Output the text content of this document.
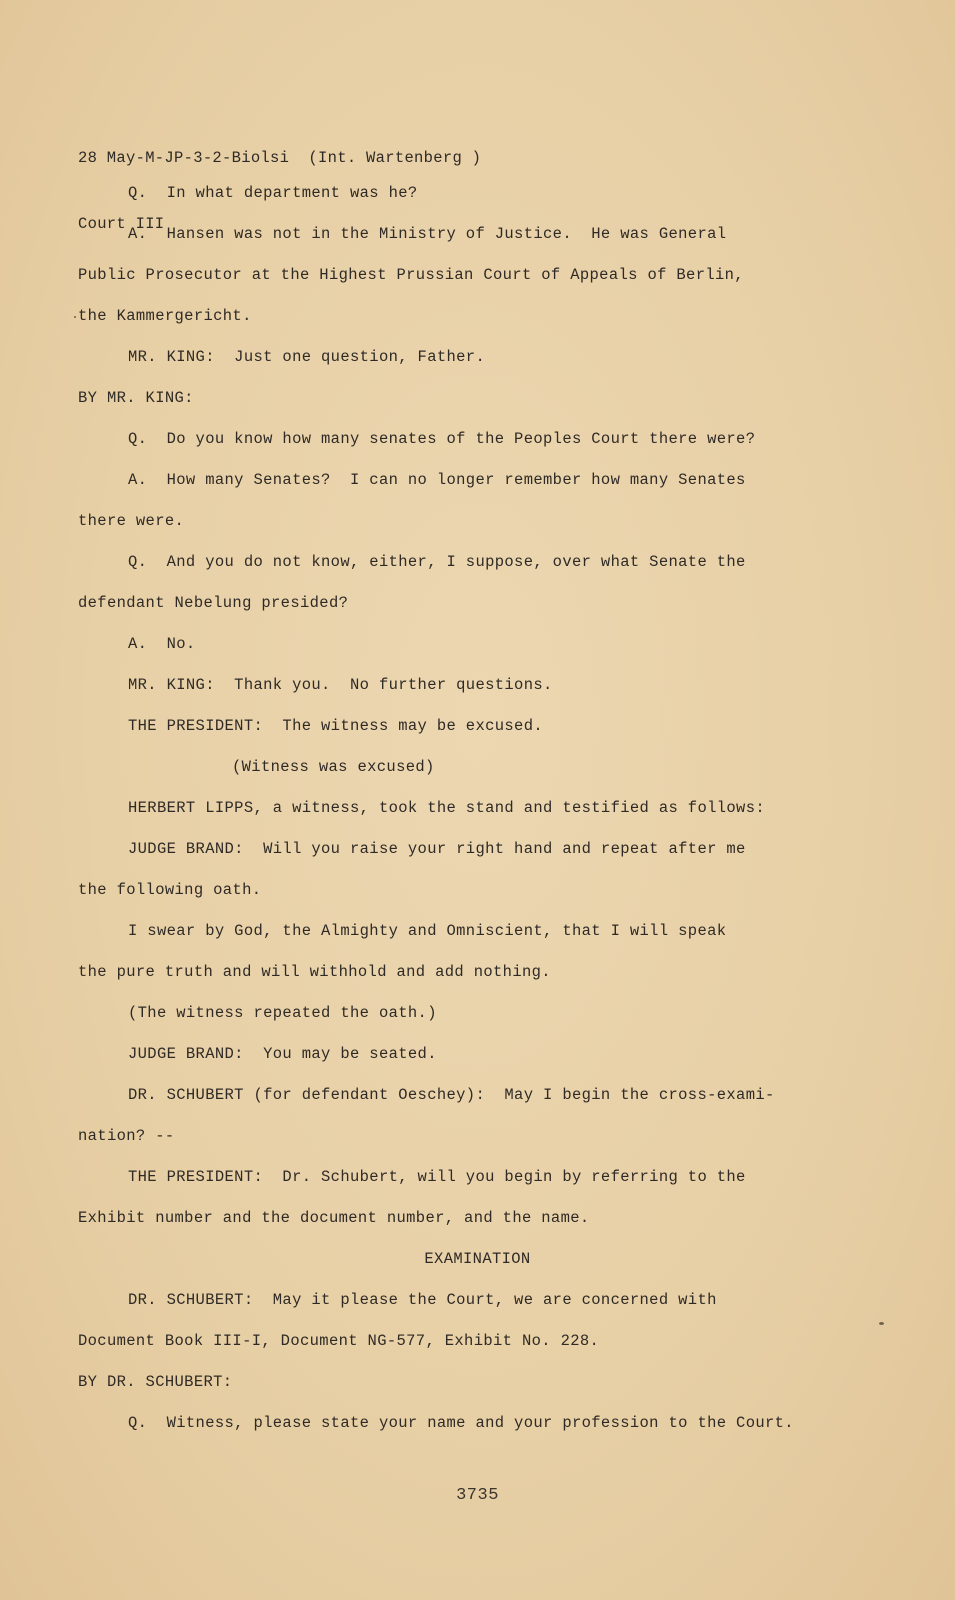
28 May-M-JP-3-2-Biolsi  (Int. Wartenberg )

Court III

Q.  In what department was he?
A.  Hansen was not in the Ministry of Justice.  He was General
Public Prosecutor at the Highest Prussian Court of Appeals of Berlin,
the Kammergericht.
MR. KING:  Just one question, Father.
BY MR. KING:
Q.  Do you know how many senates of the Peoples Court there were?
A.  How many Senates?  I can no longer remember how many Senates
there were.
Q.  And you do not know, either, I suppose, over what Senate the
defendant Nebelung presided?
A.  No.
MR. KING:  Thank you.  No further questions.
THE PRESIDENT:  The witness may be excused.
(Witness was excused)
HERBERT LIPPS, a witness, took the stand and testified as follows:
JUDGE BRAND:  Will you raise your right hand and repeat after me
the following oath.
I swear by God, the Almighty and Omniscient, that I will speak
the pure truth and will withhold and add nothing.
(The witness repeated the oath.)
JUDGE BRAND:  You may be seated.
DR. SCHUBERT (for defendant Oeschey):  May I begin the cross-exami-
nation? --
THE PRESIDENT:  Dr. Schubert, will you begin by referring to the
Exhibit number and the document number, and the name.
EXAMINATION
DR. SCHUBERT:  May it please the Court, we are concerned with
Document Book III-I, Document NG-577, Exhibit No. 228.
BY DR. SCHUBERT:
Q.  Witness, please state your name and your profession to the Court.
3735
